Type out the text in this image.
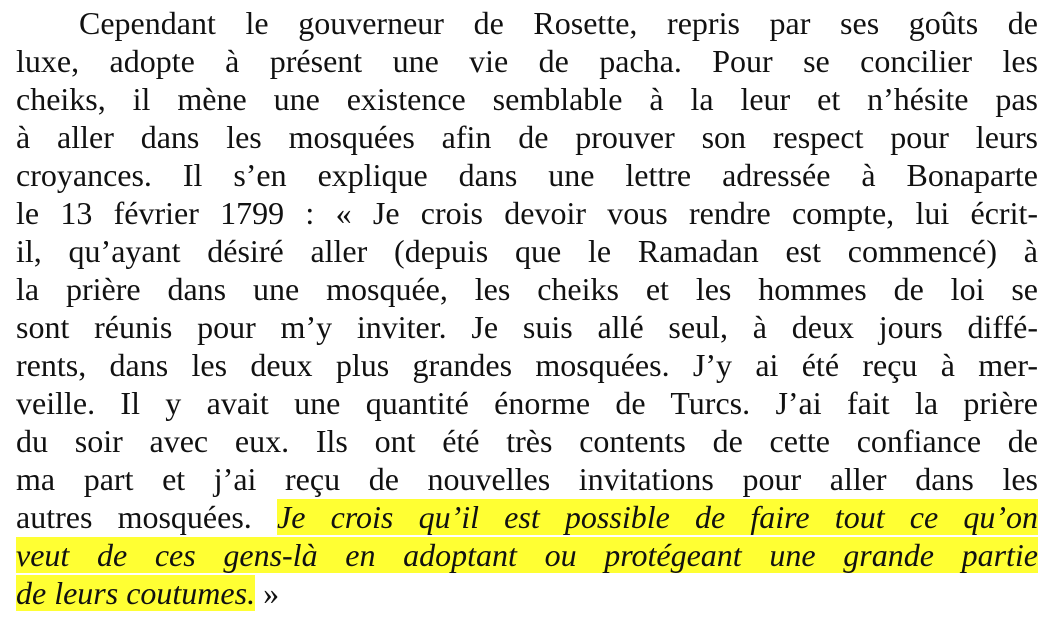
Cependant le gouverneur de Rosette, repris par ses goûts de
luxe, adopte à présent une vie de pacha. Pour se concilier les
cheiks, il mène une existence semblable à la leur et n’hésite pas
à aller dans les mosquées afin de prouver son respect pour leurs
croyances. Il s’en explique dans une lettre adressée à Bonaparte
le 13 février 1799 : « Je crois devoir vous rendre compte, lui écrit-
il, qu’ayant désiré aller (depuis que le Ramadan est commencé) à
la prière dans une mosquée, les cheiks et les hommes de loi se
sont réunis pour m’y inviter. Je suis allé seul, à deux jours diffé-
rents, dans les deux plus grandes mosquées. J’y ai été reçu à mer-
veille. Il y avait une quantité énorme de Turcs. J’ai fait la prière
du soir avec eux. Ils ont été très contents de cette confiance de
ma part et j’ai reçu de nouvelles invitations pour aller dans les
autres mosquées. Je crois qu’il est possible de faire tout ce qu’on
veut de ces gens-là en adoptant ou protégeant une grande partie
de leurs coutumes. »
